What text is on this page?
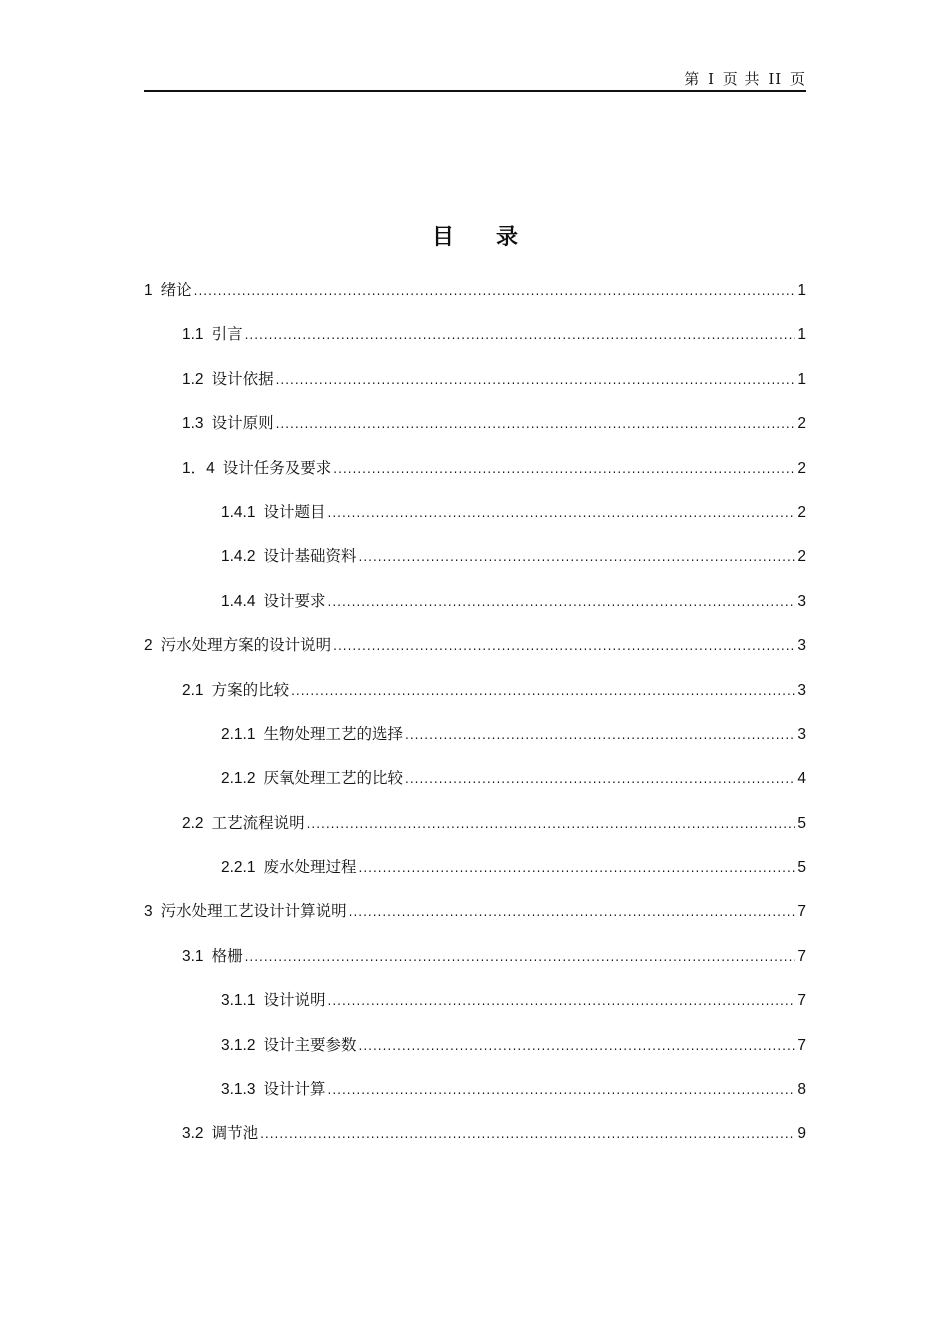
第 I 页 共 II 页
目 录
1 绪论 .....	1
1.1 引言 .....	1
1.2 设计依据 .....	1
1.3 设计原则 .....	2
1．4 设计任务及要求 .....	2
1.4.1 设计题目 .....	2
1.4.2 设计基础资料 .....	2
1.4.4 设计要求 .....	3
2 污水处理方案的设计说明 .....	3
2.1 方案的比较 .....	3
2.1.1 生物处理工艺的选择 .....	3
2.1.2 厌氧处理工艺的比较 .....	4
2.2 工艺流程说明 .....	5
2.2.1 废水处理过程 .....	5
3 污水处理工艺设计计算说明 .....	7
3.1 格栅 .....	7
3.1.1 设计说明 .....	7
3.1.2 设计主要参数 .....	7
3.1.3 设计计算 .....	8
3.2 调节池 .....	9
